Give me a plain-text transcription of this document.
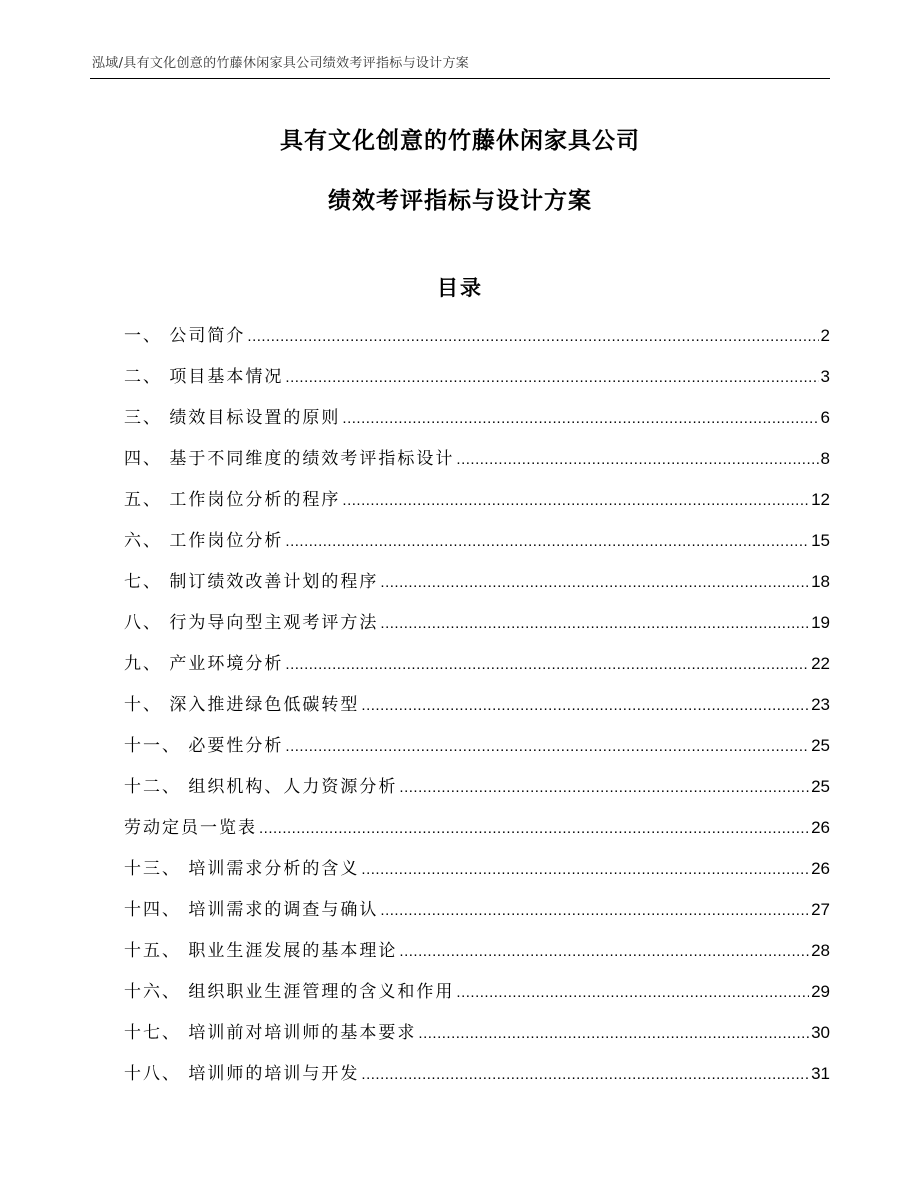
泓域/具有文化创意的竹藤休闲家具公司绩效考评指标与设计方案
具有文化创意的竹藤休闲家具公司
绩效考评指标与设计方案
目录
一、 公司简介 .....	2
二、 项目基本情况 .....	3
三、 绩效目标设置的原则 .....	6
四、 基于不同维度的绩效考评指标设计 .....	8
五、 工作岗位分析的程序 .....	12
六、 工作岗位分析 .....	15
七、 制订绩效改善计划的程序 .....	18
八、 行为导向型主观考评方法 .....	19
九、 产业环境分析 .....	22
十、 深入推进绿色低碳转型 .....	23
十一、 必要性分析 .....	25
十二、 组织机构、人力资源分析 .....	25
劳动定员一览表 .....	26
十三、 培训需求分析的含义 .....	26
十四、 培训需求的调查与确认 .....	27
十五、 职业生涯发展的基本理论 .....	28
十六、 组织职业生涯管理的含义和作用 .....	29
十七、 培训前对培训师的基本要求 .....	30
十八、 培训师的培训与开发 .....	31
